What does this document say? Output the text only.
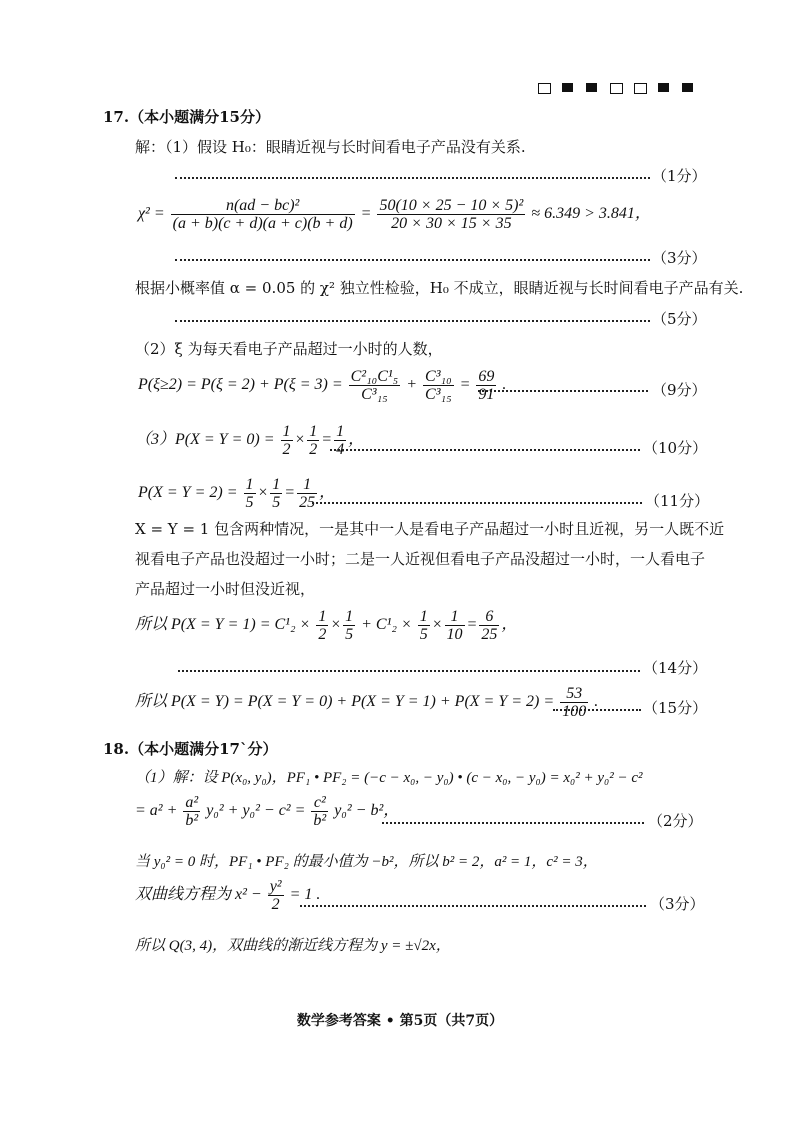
17.（本小题满分15分）
解：（1）假设 H₀：眼睛近视与长时间看电子产品没有关系.
（1分）
$\chi^2 = \frac{\text{n(ad − bc)²}}{(a + b)(c + d)(a + c)(b + d)} = \frac{\text{50(10 × 25 − 10 × 5)²}}{20 \times 30 \times 15 \times 35} \approx 6.349 > 3.841$，
（3分）
根据小概率值 α = 0.05 的 χ² 独立性检验，H₀ 不成立，眼睛近视与长时间看电子产品有关.
（5分）
（2）ξ 为每天看电子产品超过一小时的人数，
$P(\xi\ge 2) = P(\xi = 2) + P(\xi = 3) = \frac{\text{C²₁₀C¹₅}}{\text{C³₁₅}} + \frac{\text{C³₁₀}}{\text{C³₁₅}} = \frac{69}{91}$ .	（9分）
$(3)P(X = Y = 0) = \frac{1}{2} \times \frac{1}{2} = \frac{1}{4}$ ，	（10分）
$P(X = Y = 2) = \frac{1}{5} \times \frac{1}{5} = \frac{1}{25}$ ，	（11分）
X = Y = 1 包含两种情况，一是其中一人是看电子产品超过一小时且近视，另一人既不近
视看电子产品也没超过一小时；二是一人近视但看电子产品没超过一小时，一人看电子
产品超过一小时但没近视，
所以 $P(X = Y = 1) = C^1_2 \times \frac{1}{2} \times \frac{1}{5} + C^1_2 \times \frac{1}{5} \times \frac{1}{10} = \frac{6}{25}$ ，
（14分）
所以 $P(X = Y) = P(X = Y = 0) + P(X = Y = 1) + P(X = Y = 2) = \frac{53}{100}$ .	（15分）
18.（本小题满分17`分）
（1）解：设 P(x₀, y₀)，PF₁ • PF₂ = (−c − x₀, − y₀) • (c − x₀, − y₀) = x₀² + y₀² − c²
= $a^2 + \frac{\text{a²}}{\text{b²}} y_0^2 + y_0^2 - c^2 = \frac{\text{c²}}{\text{b²}} y_0^2 - b^2$，
（2分）
当 y₀² = 0 时，PF₁ • PF₂ 的最小值为 −b²，所以 b² = 2，a² = 1，c² = 3，
双曲线方程为 $x^2 - \frac{\text{y²}}{2} = 1$ .
（3分）
所以 Q(3, 4)，双曲线的渐近线方程为 y = ±√2x，
数学参考答案 • 第5页（共7页）
